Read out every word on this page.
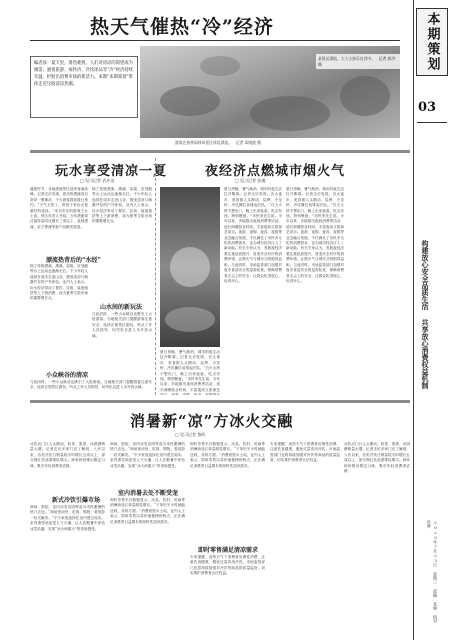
热天气催热“冷”经济
编者按：夏天里，暑热难熬，人们对清凉的渴望成为刚需。避暑旅游、夜经济、冷饮冰品等“冷”经济持续升温，折射出消费市场的新活力。本期“本期策划”带你走近这股清凉热潮。
某景区漂流，大人小孩乐在其中。　记者 郭洪 摄
游客在热带雨林风景区体验漂流。　记者 章晓波 摄
玩水享受清凉一夏
□ 见习记者 武亦洁
盛夏时节，各地漂流景区迎来客流高峰。记者走访发现，周末的漂流项目常常一票难求，不少游客提前数日预约。“天气太热了，带孩子来玩水是最好的选择。”来自市区的游客王女士说。景区负责人介绍，今年漂流项目接待量同比增长三成以上，夜间漂流、亲子漂流等新产品颇受欢迎。
漂流热背后的“水经”
除了传统漂流，溯溪、桨板、皮划艇等水上运动也逐渐走红。不少年轻人选择在周末走进山谷，感受清凉与刺激并存的户外体验。业内人士表示，玩水经济带动了餐饮、住宿、装备租赁等上下游消费，成为夏季文旅市场的重要增长点。
除了传统漂流，溯溪、桨板、皮划艇等水上运动也逐渐走红。不少年轻人选择在周末走进山谷，感受清凉与刺激并存的户外体验。业内人士表示，玩水经济带动了餐饮、住宿、装备租赁等上下游消费，成为夏季文旅市场的重要增长点。
山水间的新玩法
与此同时，一些小众峡谷也吸引了大批游客。当地相关部门提醒游客注意安全，选择正规景区游玩，听从工作人员指导，切勿私自进入未开放水域。
小众峡谷的清凉
与此同时，一些小众峡谷也吸引了大批游客。当地相关部门提醒游客注意安全，选择正规景区游玩，听从工作人员指导，切勿私自进入未开放水域。
夜经济点燃城市烟火气
□ 见习记者 彭湘
夏日傍晚，暑气渐消，城市的夜生活拉开帷幕。记者走访发现，各大夜市、美食街人头攒动，烧烤、小龙虾、冷饮摊位前排起长队。“白天太热不想出门，晚上出来逛逛、吃点东西，特别惬意。”市民李先生说。今年以来，多地推出夜间消费季活动，延长商圈营业时间，丰富夜间文旅演艺项目。夜游、夜购、夜食、夜娱等业态融合发展，不仅满足了市民多元化的消费需求，也为城市经济注入了新动能。有关专家认为，发展夜经济要注重品质提升，营造安全有序的消费环境，让烟火气与城市文明相得益彰。与此同时，市场监管部门加强对夜市食品安全的巡查检查，保障消费者舌尖上的安全，让群众吃得放心、玩得开心。
夏日傍晚，暑气渐消，城市的夜生活拉开帷幕。记者走访发现，各大夜市、美食街人头攒动，烧烤、小龙虾、冷饮摊位前排起长队。“白天太热不想出门，晚上出来逛逛、吃点东西，特别惬意。”市民李先生说。今年以来，多地推出夜间消费季活动，延长商圈营业时间，丰富夜间文旅演艺项目。夜游、夜购、夜食、夜娱等业态融合发展，不仅满足了市民多元化的消费需求，也为城市经济注入了新动能。有关专家认为，发展夜经济要注重品质提升，营造安全有序的消费环境，让烟火气与城市文明相得益彰。与此同时，市场监管部门加强对夜市食品安全的巡查检查，保障消费者舌尖上的安全，让群众吃得放心、玩得开心。
夏日傍晚，暑气渐消，城市的夜生活拉开帷幕。记者走访发现，各大夜市、美食街人头攒动，烧烤、小龙虾、冷饮摊位前排起长队。“白天太热不想出门，晚上出来逛逛、吃点东西，特别惬意。”市民李先生说。今年以来，多地推出夜间消费季活动，延长商圈营业时间，丰富夜间文旅演艺
消暑新“凉”方冰火交融
□ 见习记者 鲁昕
冰饮店门口人头攒动，奶茶、果茶、冰淇淋销量大增。记者走访多家门店了解到，入伏以来，各类冷饮日销量较平时增长五成以上，部分网红饮品需排队购买。商家纷纷推出限定口味，吸引年轻消费者尝鲜。
新式冷饮引爆市场
商场、影院、室内冰雪乐园等成为市民避暑的热门去处。“商场里凉快，吃饭、购物、看电影一站式解决。”不少家庭选择在室内度过周末。室内滑雪场更是人气火爆，让人在酷暑中体验冰雪乐趣，实现“冰火两重天”的奇妙感受。
商场、影院、室内冰雪乐园等成为市民避暑的热门去处。“商场里凉快，吃饭、购物、看电影一站式解决。”不少家庭选择在室内度过周末。室内滑雪场更是人气火爆，让人在酷暑中体验冰雪乐趣，实现“冰火两重天”的奇妙感受。
室内消暑去处不断受宠
即时零售平台数据显示，冰品、饮料、风扇等消暑商品订单量明显增长。“下单后半小时就能送到，非常方便。”消费者张女士说。业内人士表示，即时零售以其快速便捷的特点，正在满足消费者日益增长的即时性清凉需求。
即时零售平台数据显示，冰品、饮料、风扇等消暑商品订单量明显增长。“下单后半小时就能送到，非常方便。”消费者张女士说。业内人士表示，即时零售以其快速便捷的特点，正在满足消费者日益增长的即时性清凉需求。
即时零售满足清凉需求
专家提醒，炎热天气下消费者应理性消费，注意饮食健康，避免过量食用冷饮。市场监管部门也将持续加强对冷饮等商品的质量监管，切实维护消费者合法权益。
专家提醒，炎热天气下消费者应理性消费，注意饮食健康，避免过量食用冷饮。市场监管部门也将持续加强对冷饮等商品的质量监管，切实维护消费者合法权益。
冰饮店门口人头攒动，奶茶、果茶、冰淇淋销量大增。记者走访多家门店了解到，入伏以来，各类冷饮日销量较平时增长五成以上，部分网红饮品需排队购买。商家纷纷推出限定口味，吸引年轻消费者尝鲜。
本期策划
03
构建放心安全品质生活 共享放心消费权益机制
2025年7月23日 星期三 责编 张丽 校对 杜辉
